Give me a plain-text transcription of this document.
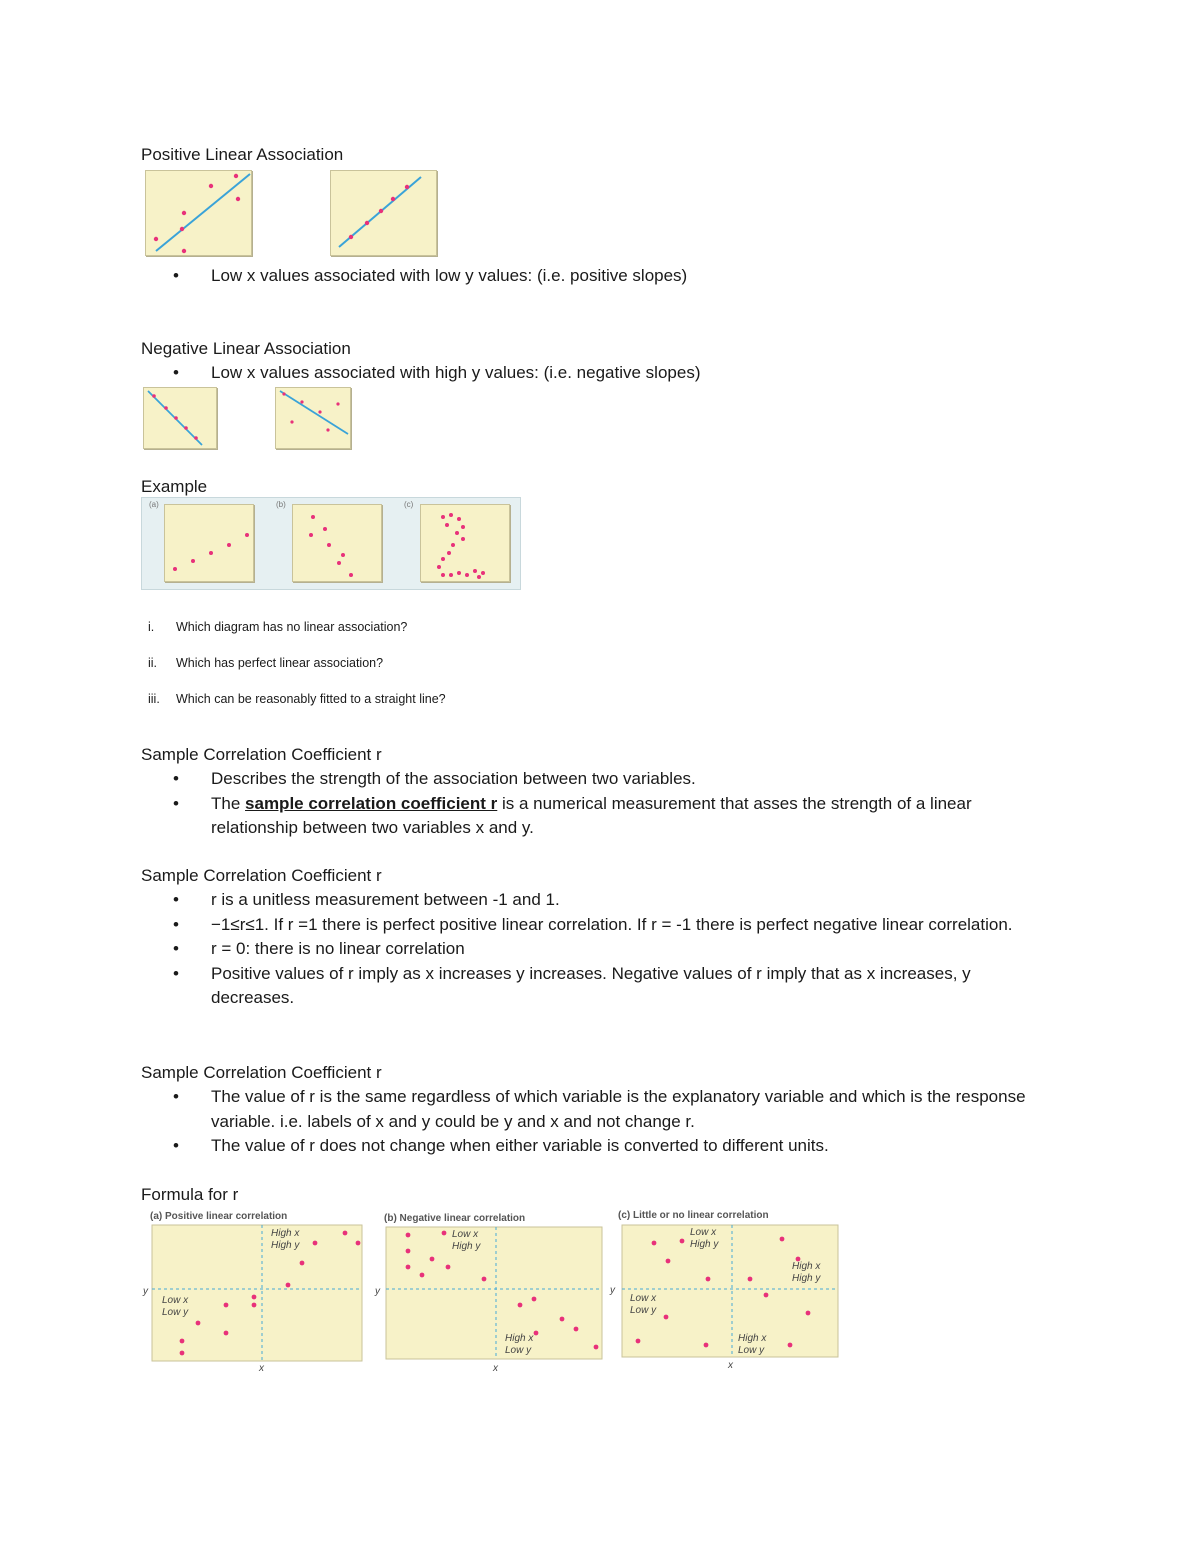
Positive Linear Association
• Low x values associated with low y values: (i.e. positive slopes)
Negative Linear Association
• Low x values associated with high y values: (i.e. negative slopes)
Example
(a)	(b)	(c)
i. Which diagram has no linear association?
ii. Which has perfect linear association?
iii. Which can be reasonably fitted to a straight line?
Sample Correlation Coefficient r
• Describes the strength of the association between two variables.
• The sample correlation coefficient r is a numerical measurement that asses the strength of a linear relationship between two variables x and y.
Sample Correlation Coefficient r
• r is a unitless measurement between -1 and 1.
• −1≤r≤1. If r =1 there is perfect positive linear correlation. If r = -1 there is perfect negative linear correlation.
• r = 0: there is no linear correlation
• Positive values of r imply as x increases y increases. Negative values of r imply that as x increases, y decreases.
Sample Correlation Coefficient r
• The value of r is the same regardless of which variable is the explanatory variable and which is the response variable. i.e. labels of x and y could be y and x and not change r.
• The value of r does not change when either variable is converted to different units.
Formula for r
(a) Positive linear correlation
y
x
High x
High y
Low x
Low y
(b) Negative linear correlation
y
x
Low x
High y
High x
Low y
(c) Little or no linear correlation
y
x
Low x
High y
High x
High y
Low x
Low y
High x
Low y
